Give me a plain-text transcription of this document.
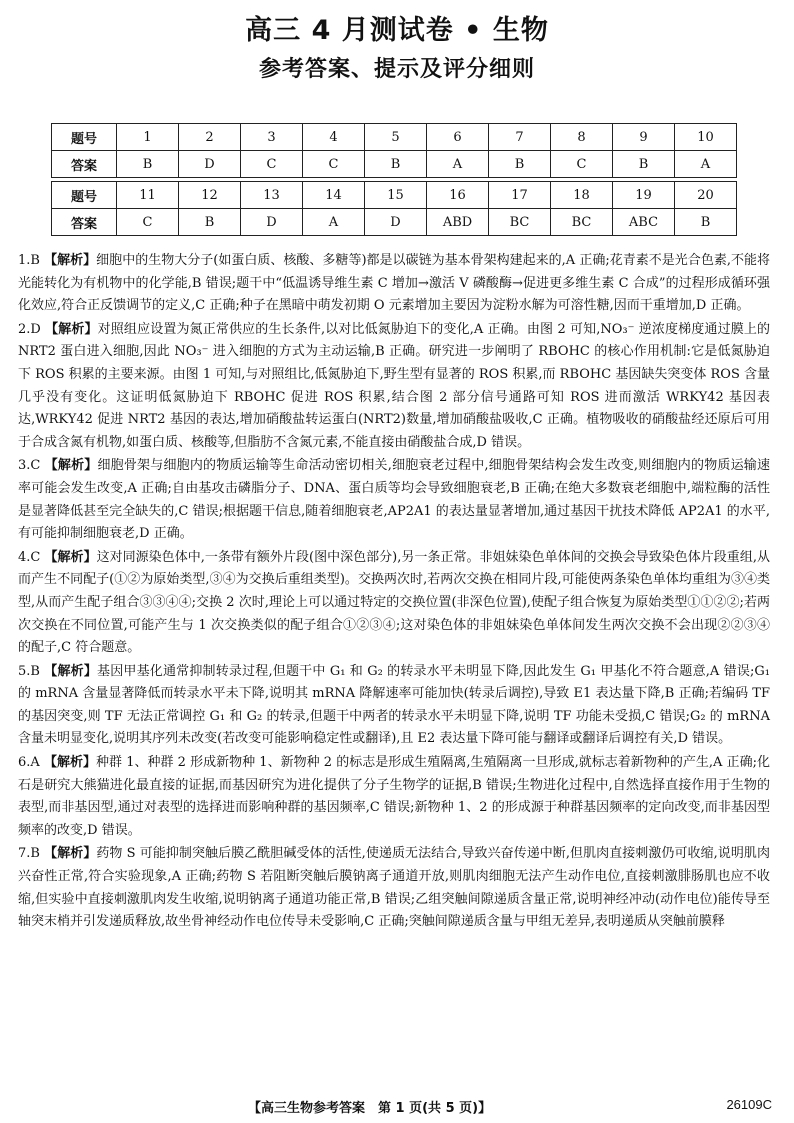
高三 4 月测试卷 • 生物
参考答案、提示及评分细则
题号	1	2	3	4	5	6	7	8	9	10
答案	B	D	C	C	B	A	B	C	B	A

题号	11	12	13	14	15	16	17	18	19	20
答案	C	B	D	A	D	ABD	BC	BC	ABC	B

1.B 【解析】细胞中的生物大分子(如蛋白质、核酸、多糖等)都是以碳链为基本骨架构建起来的,A 正确;花青素不是光合色素,不能将光能转化为有机物中的化学能,B 错误;题干中“低温诱导维生素 C 增加→激活 V 磷酸酶→促进更多维生素 C 合成”的过程形成循环强化效应,符合正反馈调节的定义,C 正确;种子在黑暗中萌发初期 O 元素增加主要因为淀粉水解为可溶性糖,因而干重增加,D 正确。

2.D 【解析】对照组应设置为氮正常供应的生长条件,以对比低氮胁迫下的变化,A 正确。由图 2 可知,NO₃⁻ 逆浓度梯度通过膜上的 NRT2 蛋白进入细胞,因此 NO₃⁻ 进入细胞的方式为主动运输,B 正确。研究进一步阐明了 RBOHC 的核心作用机制:它是低氮胁迫下 ROS 积累的主要来源。由图 1 可知,与对照组比,低氮胁迫下,野生型有显著的 ROS 积累,而 RBOHC 基因缺失突变体 ROS 含量几乎没有变化。这证明低氮胁迫下 RBOHC 促进 ROS 积累,结合图 2 部分信号通路可知 ROS 进而激活 WRKY42 基因表达,WRKY42 促进 NRT2 基因的表达,增加硝酸盐转运蛋白(NRT2)数量,增加硝酸盐吸收,C 正确。植物吸收的硝酸盐经还原后可用于合成含氮有机物,如蛋白质、核酸等,但脂肪不含氮元素,不能直接由硝酸盐合成,D 错误。

3.C 【解析】细胞骨架与细胞内的物质运输等生命活动密切相关,细胞衰老过程中,细胞骨架结构会发生改变,则细胞内的物质运输速率可能会发生改变,A 正确;自由基攻击磷脂分子、DNA、蛋白质等均会导致细胞衰老,B 正确;在绝大多数衰老细胞中,端粒酶的活性是显著降低甚至完全缺失的,C 错误;根据题干信息,随着细胞衰老,AP2A1 的表达量显著增加,通过基因干扰技术降低 AP2A1 的水平,有可能抑制细胞衰老,D 正确。

4.C 【解析】这对同源染色体中,一条带有额外片段(图中深色部分),另一条正常。非姐妹染色单体间的交换会导致染色体片段重组,从而产生不同配子(①②为原始类型,③④为交换后重组类型)。交换两次时,若两次交换在相同片段,可能使两条染色单体均重组为③④类型,从而产生配子组合③③④④;交换 2 次时,理论上可以通过特定的交换位置(非深色位置),使配子组合恢复为原始类型①①②②;若两次交换在不同位置,可能产生与 1 次交换类似的配子组合①②③④;这对染色体的非姐妹染色单体间发生两次交换不会出现②②③④的配子,C 符合题意。

5.B 【解析】基因甲基化通常抑制转录过程,但题干中 G₁ 和 G₂ 的转录水平未明显下降,因此发生 G₁ 甲基化不符合题意,A 错误;G₁ 的 mRNA 含量显著降低而转录水平未下降,说明其 mRNA 降解速率可能加快(转录后调控),导致 E1 表达量下降,B 正确;若编码 TF 的基因突变,则 TF 无法正常调控 G₁ 和 G₂ 的转录,但题干中两者的转录水平未明显下降,说明 TF 功能未受损,C 错误;G₂ 的 mRNA 含量未明显变化,说明其序列未改变(若改变可能影响稳定性或翻译),且 E2 表达量下降可能与翻译或翻译后调控有关,D 错误。

6.A 【解析】种群 1、种群 2 形成新物种 1、新物种 2 的标志是形成生殖隔离,生殖隔离一旦形成,就标志着新物种的产生,A 正确;化石是研究大熊猫进化最直接的证据,而基因研究为进化提供了分子生物学的证据,B 错误;生物进化过程中,自然选择直接作用于生物的表型,而非基因型,通过对表型的选择进而影响种群的基因频率,C 错误;新物种 1、2 的形成源于种群基因频率的定向改变,而非基因型频率的改变,D 错误。

7.B 【解析】药物 S 可能抑制突触后膜乙酰胆碱受体的活性,使递质无法结合,导致兴奋传递中断,但肌肉直接刺激仍可收缩,说明肌肉兴奋性正常,符合实验现象,A 正确;药物 S 若阻断突触后膜钠离子通道开放,则肌肉细胞无法产生动作电位,直接刺激腓肠肌也应不收缩,但实验中直接刺激肌肉发生收缩,说明钠离子通道功能正常,B 错误;乙组突触间隙递质含量正常,说明神经冲动(动作电位)能传导至轴突末梢并引发递质释放,故坐骨神经动作电位传导未受影响,C 正确;突触间隙递质含量与甲组无差异,表明递质从突触前膜释

【高三生物参考答案　第 1 页(共 5 页)】	26109C
